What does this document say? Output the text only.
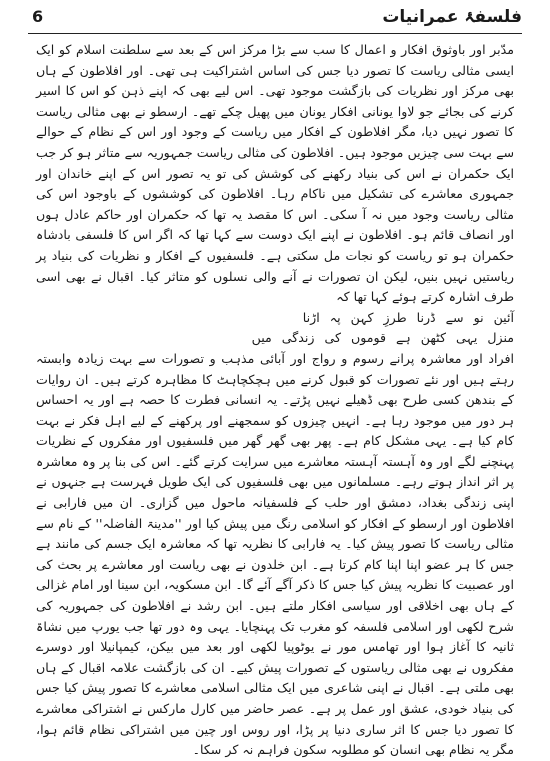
فلسفۂ عمرانیات
6

مدّبر اور باوثوق افکار و اعمال کا سب سے بڑا مرکز اس کے بعد سے سلطنت اسلام کو ایک ایسی مثالی ریاست کا تصور دیا جس کی اساس اشتراکیت ہی تھی۔ اور افلاطون کے ہاں بھی مرکز اور نظریات کی بازگشت موجود تھی۔ اس لیے بھی کہ اپنے ذہن کو اس کا اسیر کرنے کی بجائے جو لاوا یونانی افکار یونان میں پھیل چکے تھے۔ ارسطو نے بھی مثالی ریاست کا تصور نہیں دیا، مگر افلاطون کے افکار میں ریاست کے وجود اور اس کے نظام کے حوالے سے بہت سی چیزیں موجود ہیں۔ افلاطون کی مثالی ریاست جمہوریہ سے متاثر ہو کر جب ایک حکمران نے اس کی بنیاد رکھنے کی کوشش کی تو یہ تصور اس کے اپنے خاندان اور جمہوری معاشرے کی تشکیل میں ناکام رہا۔ افلاطون کی کوششوں کے باوجود اس کی مثالی ریاست وجود میں نہ آ سکی۔ اس کا مقصد یہ تھا کہ حکمران اور حاکم عادل ہوں اور انصاف قائم ہو۔ افلاطون نے اپنے ایک دوست سے کہا تھا کہ اگر اس کا فلسفی بادشاہ حکمران ہو تو ریاست کو نجات مل سکتی ہے۔ فلسفیوں کے افکار و نظریات کی بنیاد پر ریاستیں نہیں بنیں، لیکن ان تصورات نے آنے والی نسلوں کو متاثر کیا۔ اقبال نے بھی اسی طرف اشارہ کرتے ہوئے کہا تھا کہ

آئین نو سے ڈرنا طرزِ کہن پہ اڑنا
منزل یہی کٹھن ہے قوموں کی زندگی میں

افراد اور معاشرہ پرانے رسوم و رواج اور آبائی مذہب و تصورات سے بہت زیادہ وابستہ رہتے ہیں اور نئے تصورات کو قبول کرنے میں ہچکچاہٹ کا مظاہرہ کرتے ہیں۔ ان روایات کے بندھن کسی طرح بھی ڈھیلے نہیں پڑتے۔ یہ انسانی فطرت کا حصہ ہے اور یہ احساس ہر دور میں موجود رہا ہے۔ انہیں چیزوں کو سمجھنے اور پرکھنے کے لیے اہل فکر نے بہت کام کیا ہے۔ یہی مشکل کام ہے۔ پھر بھی گھر گھر میں فلسفیوں اور مفکروں کے نظریات پہنچنے لگے اور وہ آہستہ آہستہ معاشرے میں سرایت کرتے گئے۔ اس کی بنا پر وہ معاشرہ پر اثر انداز ہوتے رہے۔ مسلمانوں میں بھی فلسفیوں کی ایک طویل فہرست ہے جنہوں نے اپنی زندگی بغداد، دمشق اور حلب کے فلسفیانہ ماحول میں گزاری۔ ان میں فارابی نے افلاطون اور ارسطو کے افکار کو اسلامی رنگ میں پیش کیا اور ''مدینۃ الفاضلہ'' کے نام سے مثالی ریاست کا تصور پیش کیا۔ یہ فارابی کا نظریہ تھا کہ معاشرہ ایک جسم کی مانند ہے جس کا ہر عضو اپنا اپنا کام کرتا ہے۔ ابن خلدون نے بھی ریاست اور معاشرے پر بحث کی اور عصبیت کا نظریہ پیش کیا جس کا ذکر آگے آئے گا۔ ابن مسکویہ، ابن سینا اور امام غزالی کے ہاں بھی اخلاقی اور سیاسی افکار ملتے ہیں۔ ابن رشد نے افلاطون کی جمہوریہ کی شرح لکھی اور اسلامی فلسفہ کو مغرب تک پہنچایا۔ یہی وہ دور تھا جب یورپ میں نشاۃ ثانیہ کا آغاز ہوا اور تھامس مور نے یوٹوپیا لکھی اور بعد میں بیکن، کیمپانیلا اور دوسرے مفکروں نے بھی مثالی ریاستوں کے تصورات پیش کیے۔ ان کی بازگشت علامہ اقبال کے ہاں بھی ملتی ہے۔ اقبال نے اپنی شاعری میں ایک مثالی اسلامی معاشرے کا تصور پیش کیا جس کی بنیاد خودی، عشق اور عمل پر ہے۔ عصر حاضر میں کارل مارکس نے اشتراکی معاشرے کا تصور دیا جس کا اثر ساری دنیا پر پڑا، اور روس اور چین میں اشتراکی نظام قائم ہوا، مگر یہ نظام بھی انسان کو مطلوبہ سکون فراہم نہ کر سکا۔
